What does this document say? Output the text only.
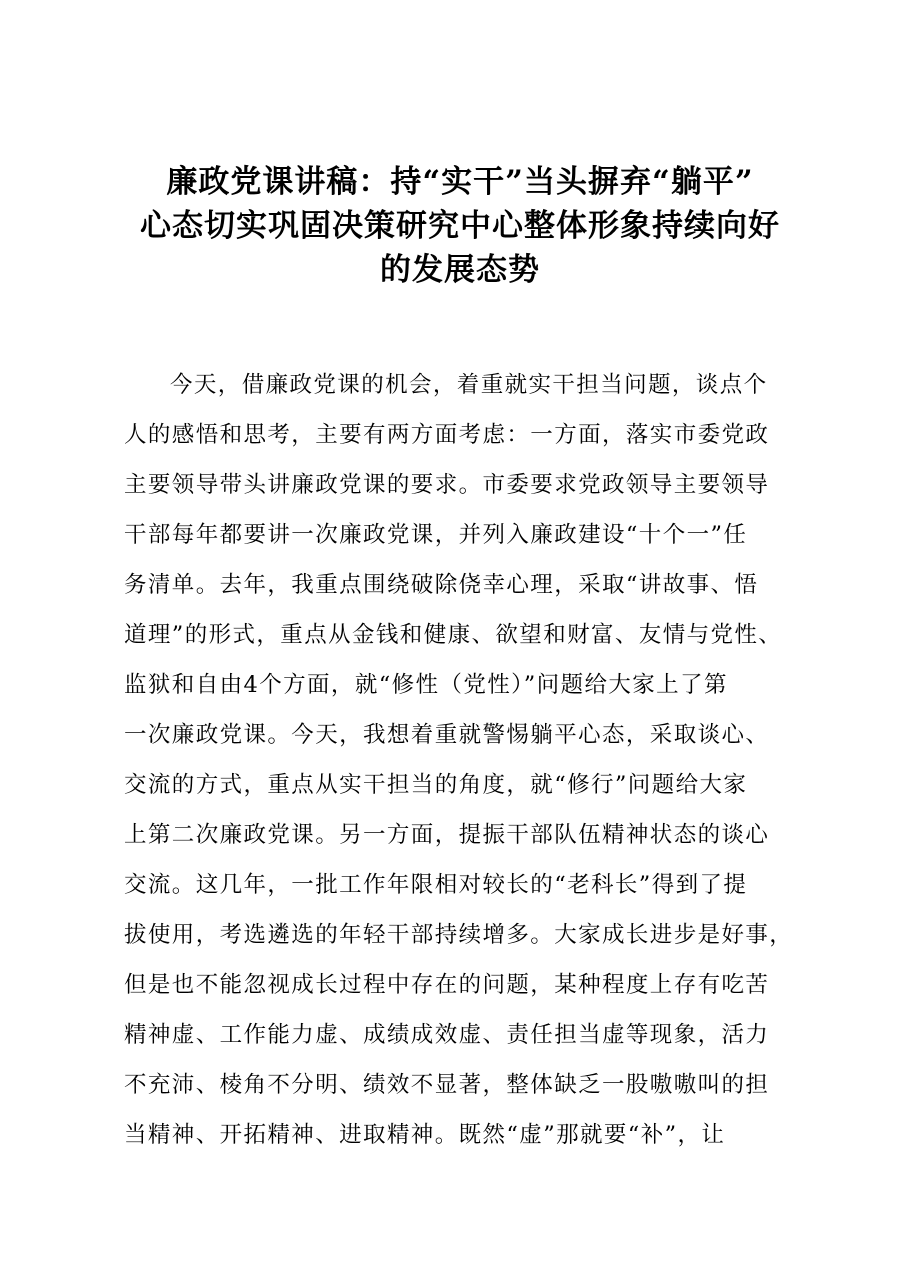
廉政党课讲稿：持“实干”当头摒弃“躺平”
心态切实巩固决策研究中心整体形象持续向好
的发展态势
今天，借廉政党课的机会，着重就实干担当问题，谈点个
人的感悟和思考，主要有两方面考虑：一方面，落实市委党政
主要领导带头讲廉政党课的要求。市委要求党政领导主要领导
干部每年都要讲一次廉政党课，并列入廉政建设“十个一”任
务清单。去年，我重点围绕破除侥幸心理，采取“讲故事、悟
道理”的形式，重点从金钱和健康、欲望和财富、友情与党性、
监狱和自由4个方面，就“修性（党性）”问题给大家上了第
一次廉政党课。今天，我想着重就警惕躺平心态，采取谈心、
交流的方式，重点从实干担当的角度，就“修行”问题给大家
上第二次廉政党课。另一方面，提振干部队伍精神状态的谈心
交流。这几年，一批工作年限相对较长的“老科长”得到了提
拔使用，考选遴选的年轻干部持续增多。大家成长进步是好事，
但是也不能忽视成长过程中存在的问题，某种程度上存有吃苦
精神虚、工作能力虚、成绩成效虚、责任担当虚等现象，活力
不充沛、棱角不分明、绩效不显著，整体缺乏一股嗷嗷叫的担
当精神、开拓精神、进取精神。既然“虚”那就要“补”，让
